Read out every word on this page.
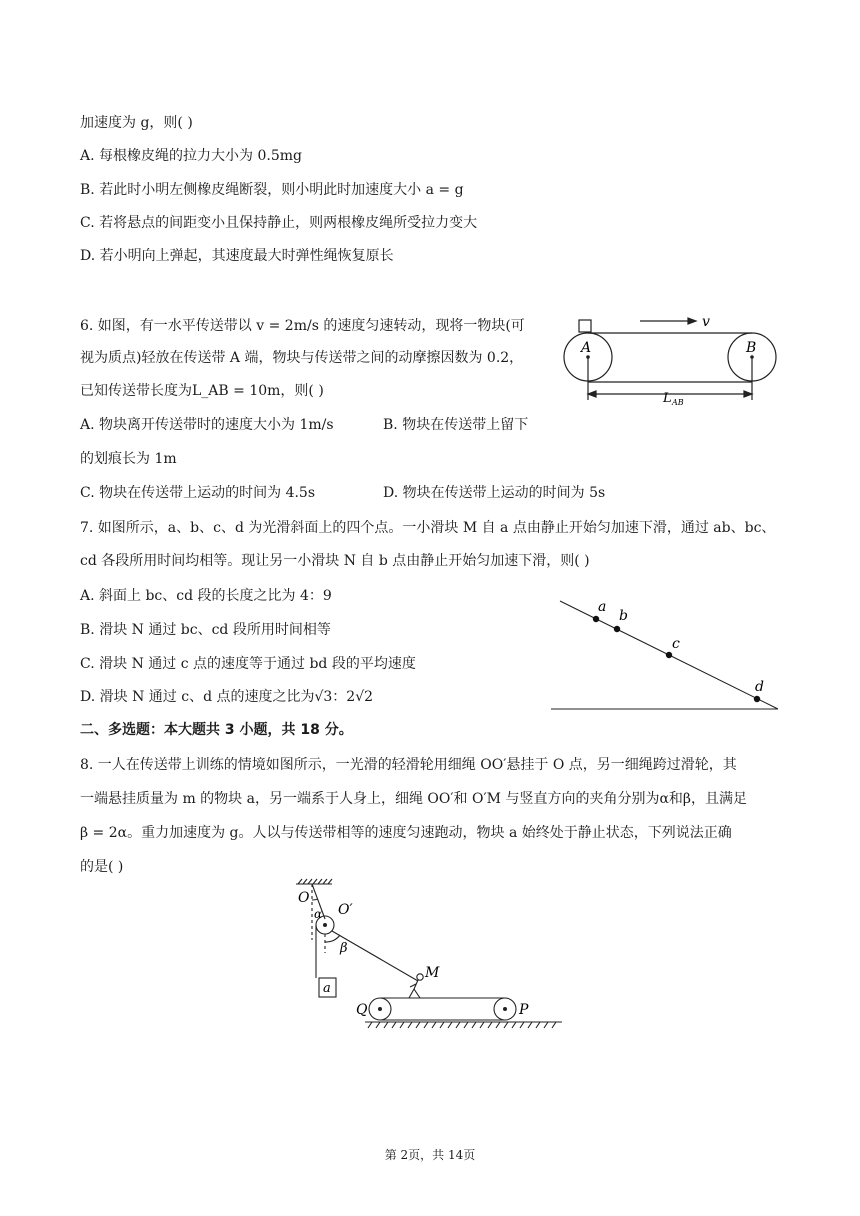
加速度为 g，则( )
A. 每根橡皮绳的拉力大小为 0.5mg
B. 若此时小明左侧橡皮绳断裂，则小明此时加速度大小 a = g
C. 若将悬点的间距变小且保持静止，则两根橡皮绳所受拉力变大
D. 若小明向上弹起，其速度最大时弹性绳恢复原长
6. 如图，有一水平传送带以 v = 2m/s 的速度匀速转动，现将一物块(可
视为质点)轻放在传送带 A 端，物块与传送带之间的动摩擦因数为 0.2，
已知传送带长度为L_AB = 10m，则( )
A. 物块离开传送带时的速度大小为 1m/s	B. 物块在传送带上留下
的划痕长为 1m
C. 物块在传送带上运动的时间为 4.5s	D. 物块在传送带上运动的时间为 5s
v
A	B
L AB
7. 如图所示，a、b、c、d 为光滑斜面上的四个点。一小滑块 M 自 a 点由静止开始匀加速下滑，通过 ab、bc、
cd 各段所用时间均相等。现让另一小滑块 N 自 b 点由静止开始匀加速下滑，则( )
A. 斜面上 bc、cd 段的长度之比为 4：9
B. 滑块 N 通过 bc、cd 段所用时间相等
C. 滑块 N 通过 c 点的速度等于通过 bd 段的平均速度
D. 滑块 N 通过 c、d 点的速度之比为√3：2√2
a
b
c
d
二、多选题：本大题共 3 小题，共 18 分。
8. 一人在传送带上训练的情境如图所示，一光滑的轻滑轮用细绳 OO′悬挂于 O 点，另一细绳跨过滑轮，其
一端悬挂质量为 m 的物块 a，另一端系于人身上，细绳 OO′和 O′M 与竖直方向的夹角分别为α和β，且满足
β = 2α。重力加速度为 g。人以与传送带相等的速度匀速跑动，物块 a 始终处于静止状态，下列说法正确
的是( )
O
O′
α
β
a
M
Q	P
第 2页，共 14页
